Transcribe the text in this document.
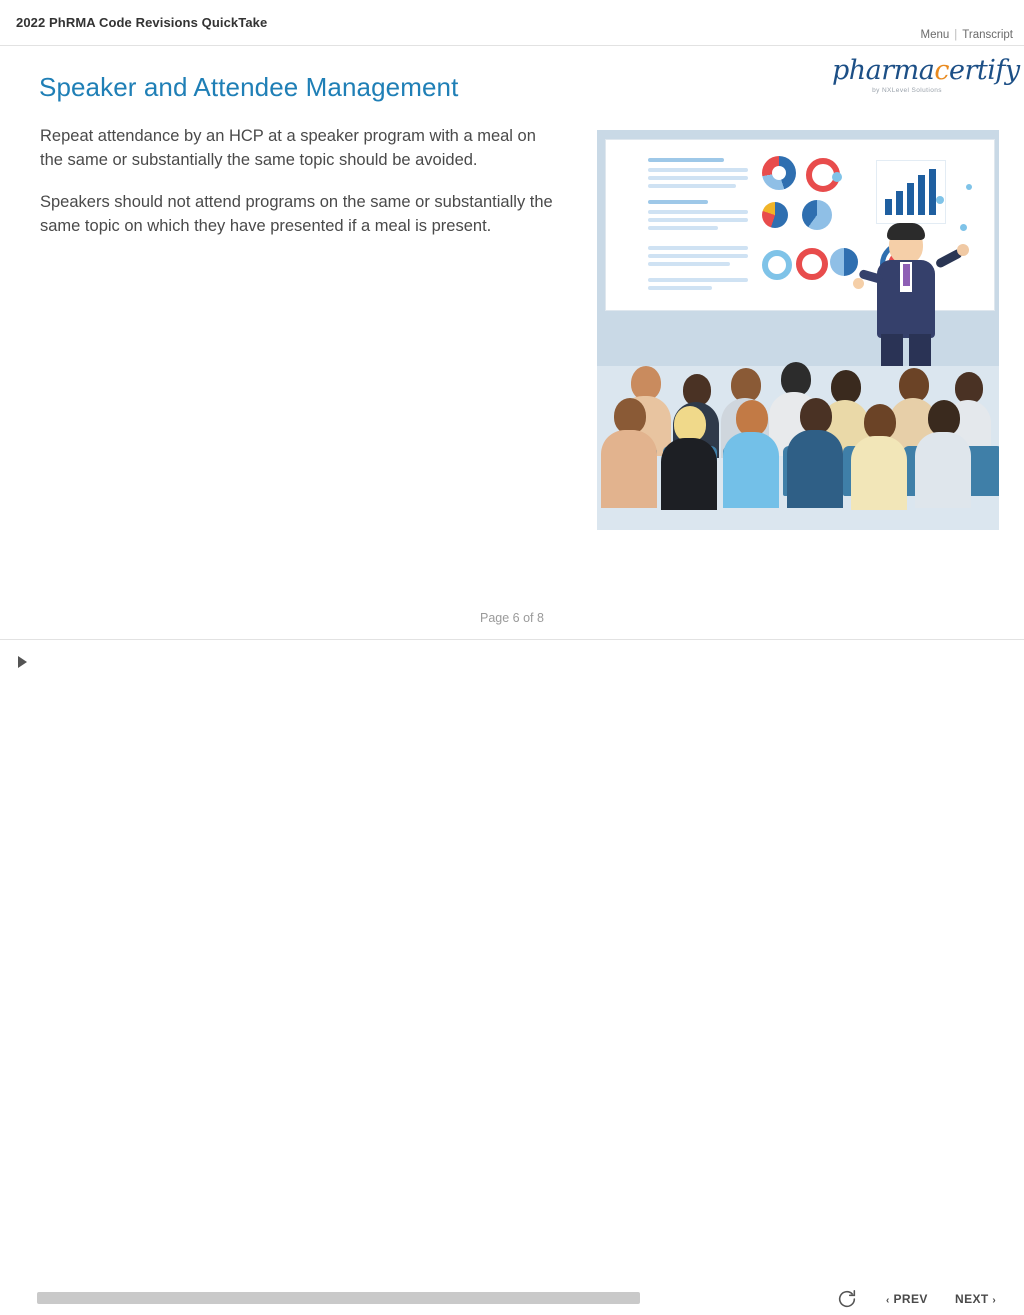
2022 PhRMA Code Revisions QuickTake
Menu | Transcript
pharmacertify
by NXLevel Solutions
Speaker and Attendee Management

Repeat attendance by an HCP at a speaker program with a meal on the same or substantially the same topic should be avoided.

Speakers should not attend programs on the same or substantially the same topic on which they have presented if a meal is present.

Page 6 of 8
‹ PREV NEXT ›
